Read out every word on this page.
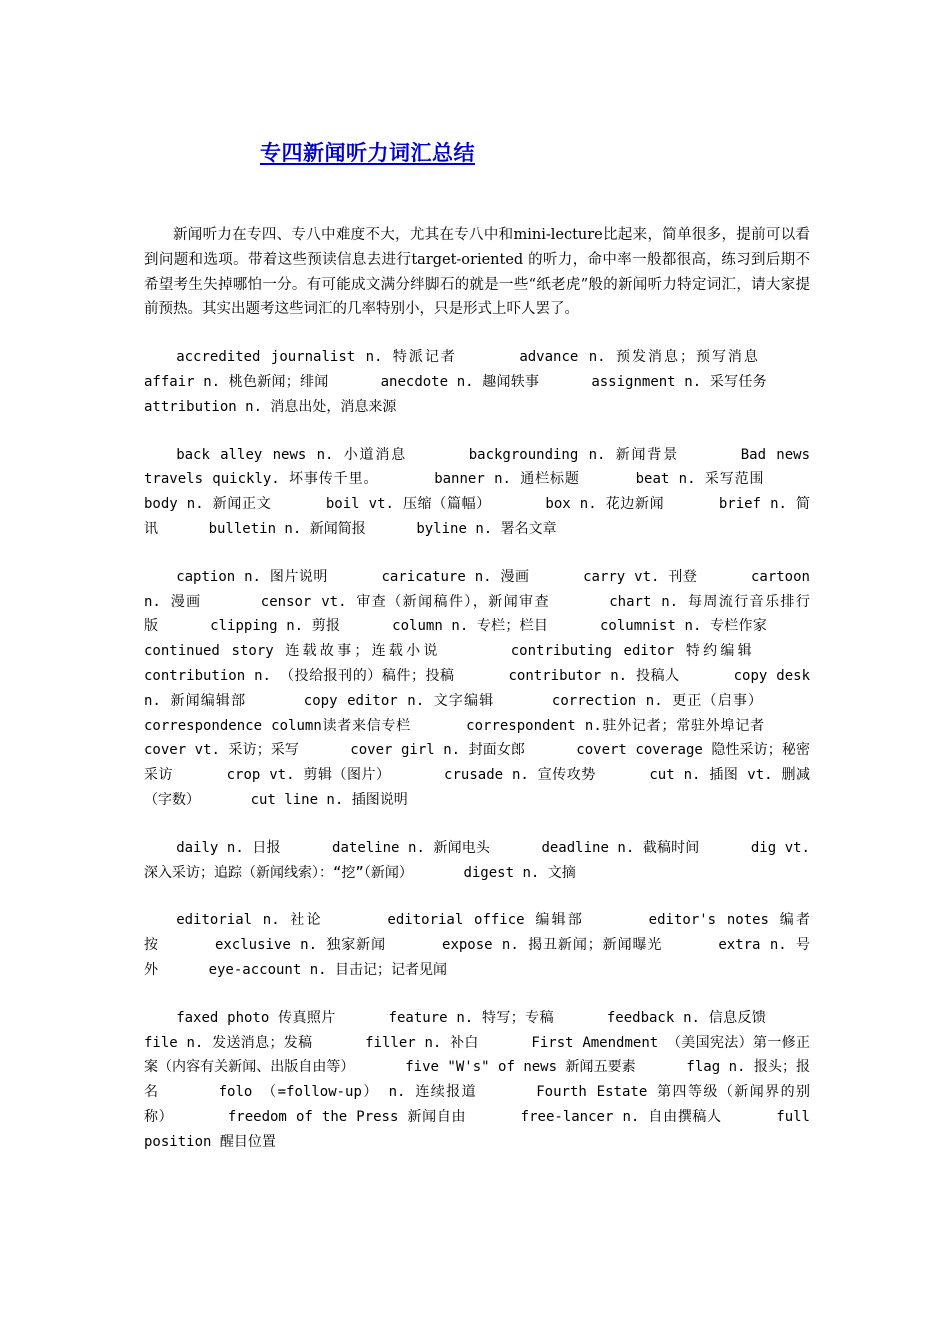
专四新闻听力词汇总结

新闻听力在专四、专八中难度不大，尤其在专八中和mini-lecture比起来，简单很多，提前可以看到问题和选项。带着这些预读信息去进行target-oriented 的听力，命中率一般都很高，练习到后期不希望考生失掉哪怕一分。有可能成文满分绊脚石的就是一些“纸老虎”般的新闻听力特定词汇，请大家提前预热。其实出题考这些词汇的几率特别小，只是形式上吓人罢了。

accredited journalist n. 特派记者	advance n. 预发消息；预写消息      affair n. 桃色新闻；绯闻	anecdote n. 趣闻轶事	assignment n. 采写任务      attribution n. 消息出处，消息来源

back alley news n. 小道消息	backgrounding n. 新闻背景	Bad news travels quickly. 坏事传千里。	banner n. 通栏标题	beat n. 采写范围      body n. 新闻正文	boil vt. 压缩（篇幅）	box n. 花边新闻	brief n. 简讯	bulletin n. 新闻简报	byline n. 署名文章

caption n. 图片说明	caricature n. 漫画	carry vt. 刊登	cartoon n. 漫画	censor vt. 审查（新闻稿件），新闻审查	chart n. 每周流行音乐排行版	clipping n. 剪报	column n. 专栏；栏目	columnist n. 专栏作家      continued story 连载故事；连载小说	contributing editor 特约编辑      contribution n. （投给报刊的）稿件；投稿	contributor n. 投稿人	copy desk n. 新闻编辑部	copy editor n. 文字编辑	correction n. 更正（启事）      correspondence column读者来信专栏	correspondent n.驻外记者；常驻外埠记者      cover vt. 采访；采写	cover girl n. 封面女郎	covert coverage 隐性采访；秘密采访	crop vt. 剪辑（图片）	crusade n. 宣传攻势	cut n. 插图 vt. 删减（字数）	cut line n. 插图说明

daily n. 日报	dateline n. 新闻电头	deadline n. 截稿时间	dig vt. 深入采访；追踪（新闻线索）：“挖”（新闻）	digest n. 文摘

editorial n. 社论	editorial office 编辑部	editor's notes 编者按	exclusive n. 独家新闻	expose n. 揭丑新闻；新闻曝光	extra n. 号外	eye-account n. 目击记；记者见闻

faxed photo 传真照片	feature n. 特写；专稿	feedback n. 信息反馈      file n. 发送消息；发稿	filler n. 补白	First Amendment （美国宪法）第一修正案（内容有关新闻、出版自由等）	five "W's" of news 新闻五要素	flag n. 报头；报名	folo （=follow-up） n. 连续报道	Fourth Estate 第四等级（新闻界的别称）	freedom of the Press 新闻自由	free-lancer n. 自由撰稿人	full position 醒目位置
